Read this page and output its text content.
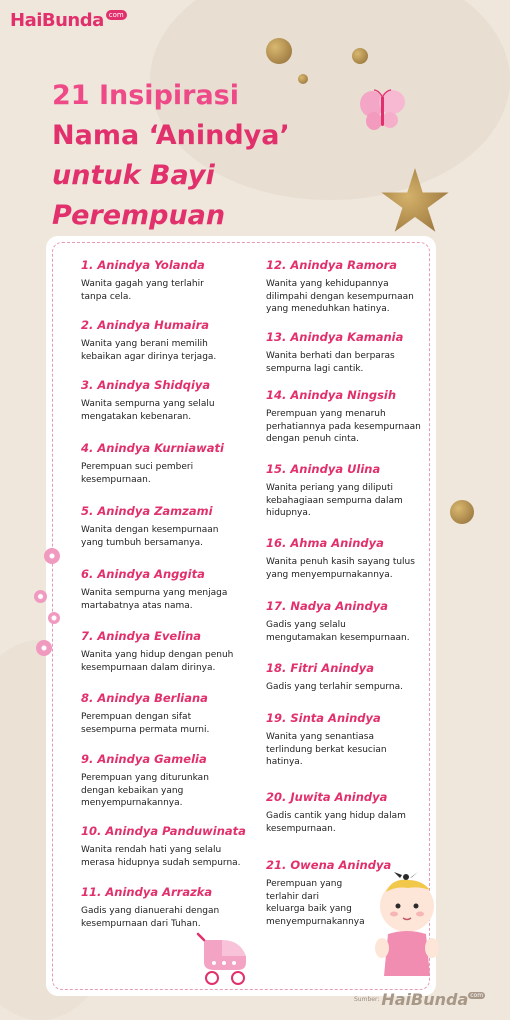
HaiBunda com
21 Insipirasi
Nama ‘Anindya’
untuk Bayi Perempuan
1. Anindya Yolanda
Wanita gagah yang terlahir
tanpa cela.
2. Anindya Humaira
Wanita yang berani memilih
kebaikan agar dirinya terjaga.
3. Anindya Shidqiya
Wanita sempurna yang selalu
mengatakan kebenaran.
4. Anindya Kurniawati
Perempuan suci pemberi
kesempurnaan.
5. Anindya Zamzami
Wanita dengan kesempurnaan
yang tumbuh bersamanya.
6. Anindya Anggita
Wanita sempurna yang menjaga
martabatnya atas nama.
7. Anindya Evelina
Wanita yang hidup dengan penuh
kesempurnaan dalam dirinya.
8. Anindya Berliana
Perempuan dengan sifat
sesempurna permata murni.
9. Anindya Gamelia
Perempuan yang diturunkan
dengan kebaikan yang
menyempurnakannya.
10. Anindya Panduwinata
Wanita rendah hati yang selalu
merasa hidupnya sudah sempurna.
11. Anindya Arrazka
Gadis yang dianuerahi dengan
kesempurnaan dari Tuhan.
12. Anindya Ramora
Wanita yang kehidupannya
dilimpahi dengan kesempurnaan
yang meneduhkan hatinya.
13. Anindya Kamania
Wanita berhati dan berparas
sempurna lagi cantik.
14. Anindya Ningsih
Perempuan yang menaruh
perhatiannya pada kesempurnaan
dengan penuh cinta.
15. Anindya Ulina
Wanita periang yang diliputi
kebahagiaan sempurna dalam
hidupnya.
16. Ahma Anindya
Wanita penuh kasih sayang tulus
yang menyempurnakannya.
17. Nadya Anindya
Gadis yang selalu
mengutamakan kesempurnaan.
18. Fitri Anindya
Gadis yang terlahir sempurna.
19. Sinta Anindya
Wanita yang senantiasa
terlindung berkat kesucian
hatinya.
20. Juwita Anindya
Gadis cantik yang hidup dalam
kesempurnaan.
21. Owena Anindya
Perempuan yang
terlahir dari
keluarga baik yang
menyempurnakannya
Sumber: HaiBunda com
